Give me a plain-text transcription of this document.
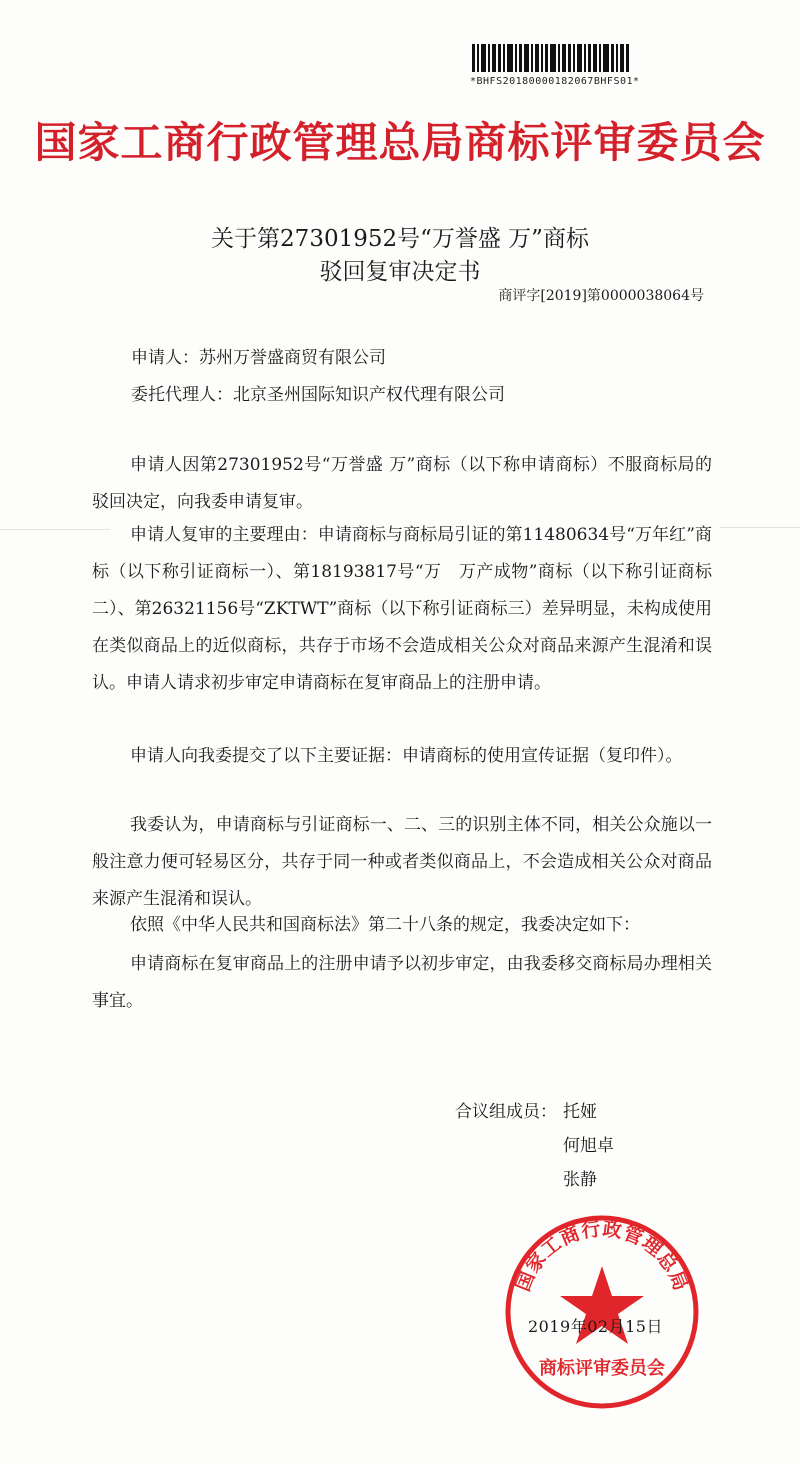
*BHFS20180000182067BHFS01*
国家工商行政管理总局商标评审委员会
关于第27301952号“万誉盛 万”商标
驳回复审决定书
商评字[2019]第0000038064号
申请人：苏州万誉盛商贸有限公司
委托代理人：北京圣州国际知识产权代理有限公司

申请人因第27301952号“万誉盛 万”商标（以下称申请商标）不服商标局的驳回决定，向我委申请复审。

申请人复审的主要理由：申请商标与商标局引证的第11480634号“万年红”商标（以下称引证商标一）、第18193817号“万　万产成物”商标（以下称引证商标二）、第26321156号“ZKTWT”商标（以下称引证商标三）差异明显，未构成使用在类似商品上的近似商标，共存于市场不会造成相关公众对商品来源产生混淆和误认。申请人请求初步审定申请商标在复审商品上的注册申请。

申请人向我委提交了以下主要证据：申请商标的使用宣传证据（复印件）。

我委认为，申请商标与引证商标一、二、三的识别主体不同，相关公众施以一般注意力便可轻易区分，共存于同一种或者类似商品上，不会造成相关公众对商品来源产生混淆和误认。

依照《中华人民共和国商标法》第二十八条的规定，我委决定如下：

申请商标在复审商品上的注册申请予以初步审定，由我委移交商标局办理相关事宜。

合议组成员： 托娅
何旭卓
张静
国家工商行政管理总局
商标评审委员会
2019年02月15日
